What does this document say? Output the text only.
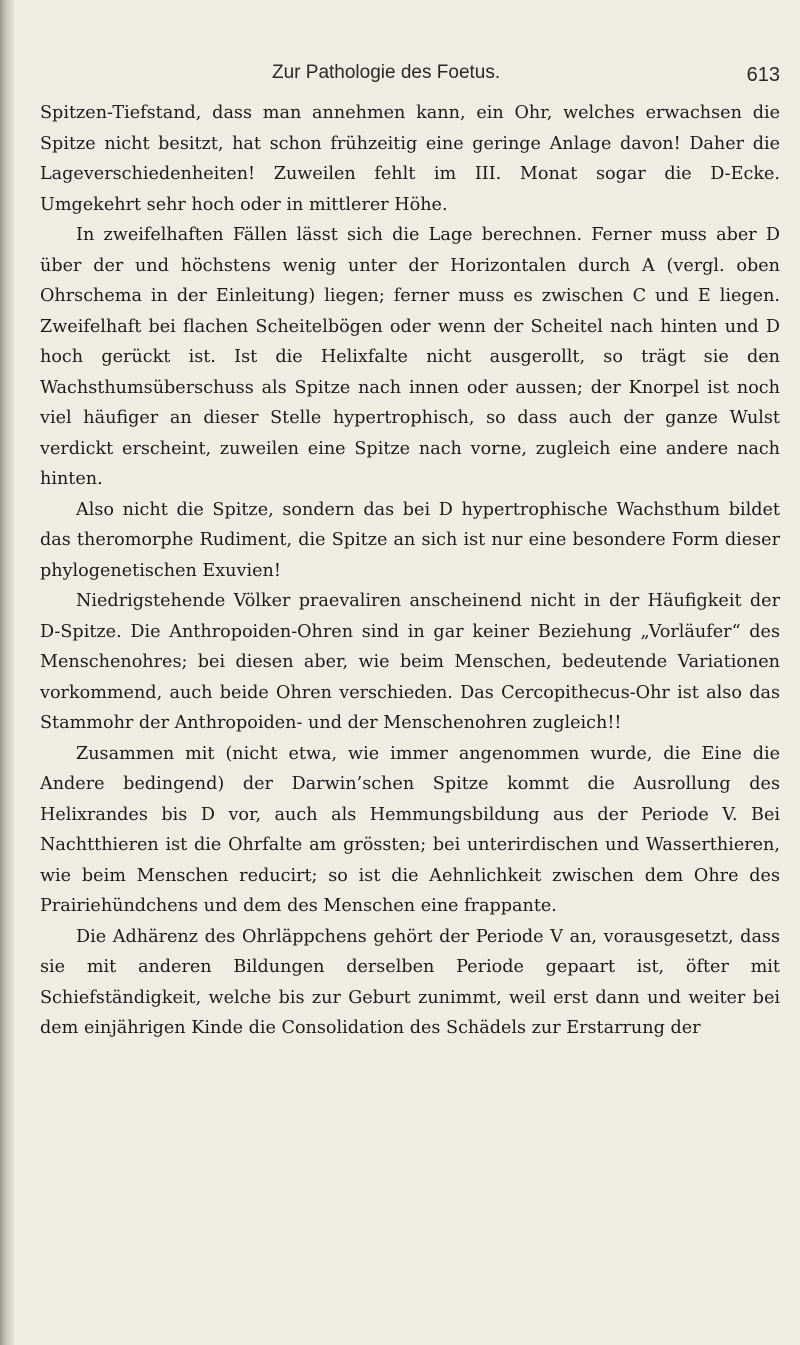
Zur Pathologie des Foetus.	613

Spitzen-Tiefstand, dass man annehmen kann, ein Ohr, welches erwachsen die Spitze nicht besitzt, hat schon frühzeitig eine geringe Anlage davon! Daher die Lageverschiedenheiten! Zuweilen fehlt im III. Monat sogar die D-Ecke. Umgekehrt sehr hoch oder in mittlerer Höhe.

In zweifelhaften Fällen lässt sich die Lage berechnen. Ferner muss aber D über der und höchstens wenig unter der Horizontalen durch A (vergl. oben Ohrschema in der Einleitung) liegen; ferner muss es zwischen C und E liegen. Zweifelhaft bei flachen Scheitelbögen oder wenn der Scheitel nach hinten und D hoch gerückt ist. Ist die Helixfalte nicht ausgerollt, so trägt sie den Wachsthumsüberschuss als Spitze nach innen oder aussen; der Knorpel ist noch viel häufiger an dieser Stelle hypertrophisch, so dass auch der ganze Wulst verdickt erscheint, zuweilen eine Spitze nach vorne, zugleich eine andere nach hinten.

Also nicht die Spitze, sondern das bei D hypertrophische Wachsthum bildet das theromorphe Rudiment, die Spitze an sich ist nur eine besondere Form dieser phylogenetischen Exuvien!

Niedrigstehende Völker praevaliren anscheinend nicht in der Häufigkeit der D-Spitze. Die Anthropoiden-Ohren sind in gar keiner Beziehung „Vorläufer“ des Menschenohres; bei diesen aber, wie beim Menschen, bedeutende Variationen vorkommend, auch beide Ohren verschieden. Das Cercopithecus-Ohr ist also das Stammohr der Anthropoiden- und der Menschenohren zugleich!!

Zusammen mit (nicht etwa, wie immer angenommen wurde, die Eine die Andere bedingend) der Darwin’schen Spitze kommt die Ausrollung des Helixrandes bis D vor, auch als Hemmungsbildung aus der Periode V. Bei Nachtthieren ist die Ohrfalte am grössten; bei unterirdischen und Wasserthieren, wie beim Menschen reducirt; so ist die Aehnlichkeit zwischen dem Ohre des Prairiehündchens und dem des Menschen eine frappante.

Die Adhärenz des Ohrläppchens gehört der Periode V an, vorausgesetzt, dass sie mit anderen Bildungen derselben Periode gepaart ist, öfter mit Schiefständigkeit, welche bis zur Geburt zunimmt, weil erst dann und weiter bei dem einjährigen Kinde die Consolidation des Schädels zur Erstarrung der
